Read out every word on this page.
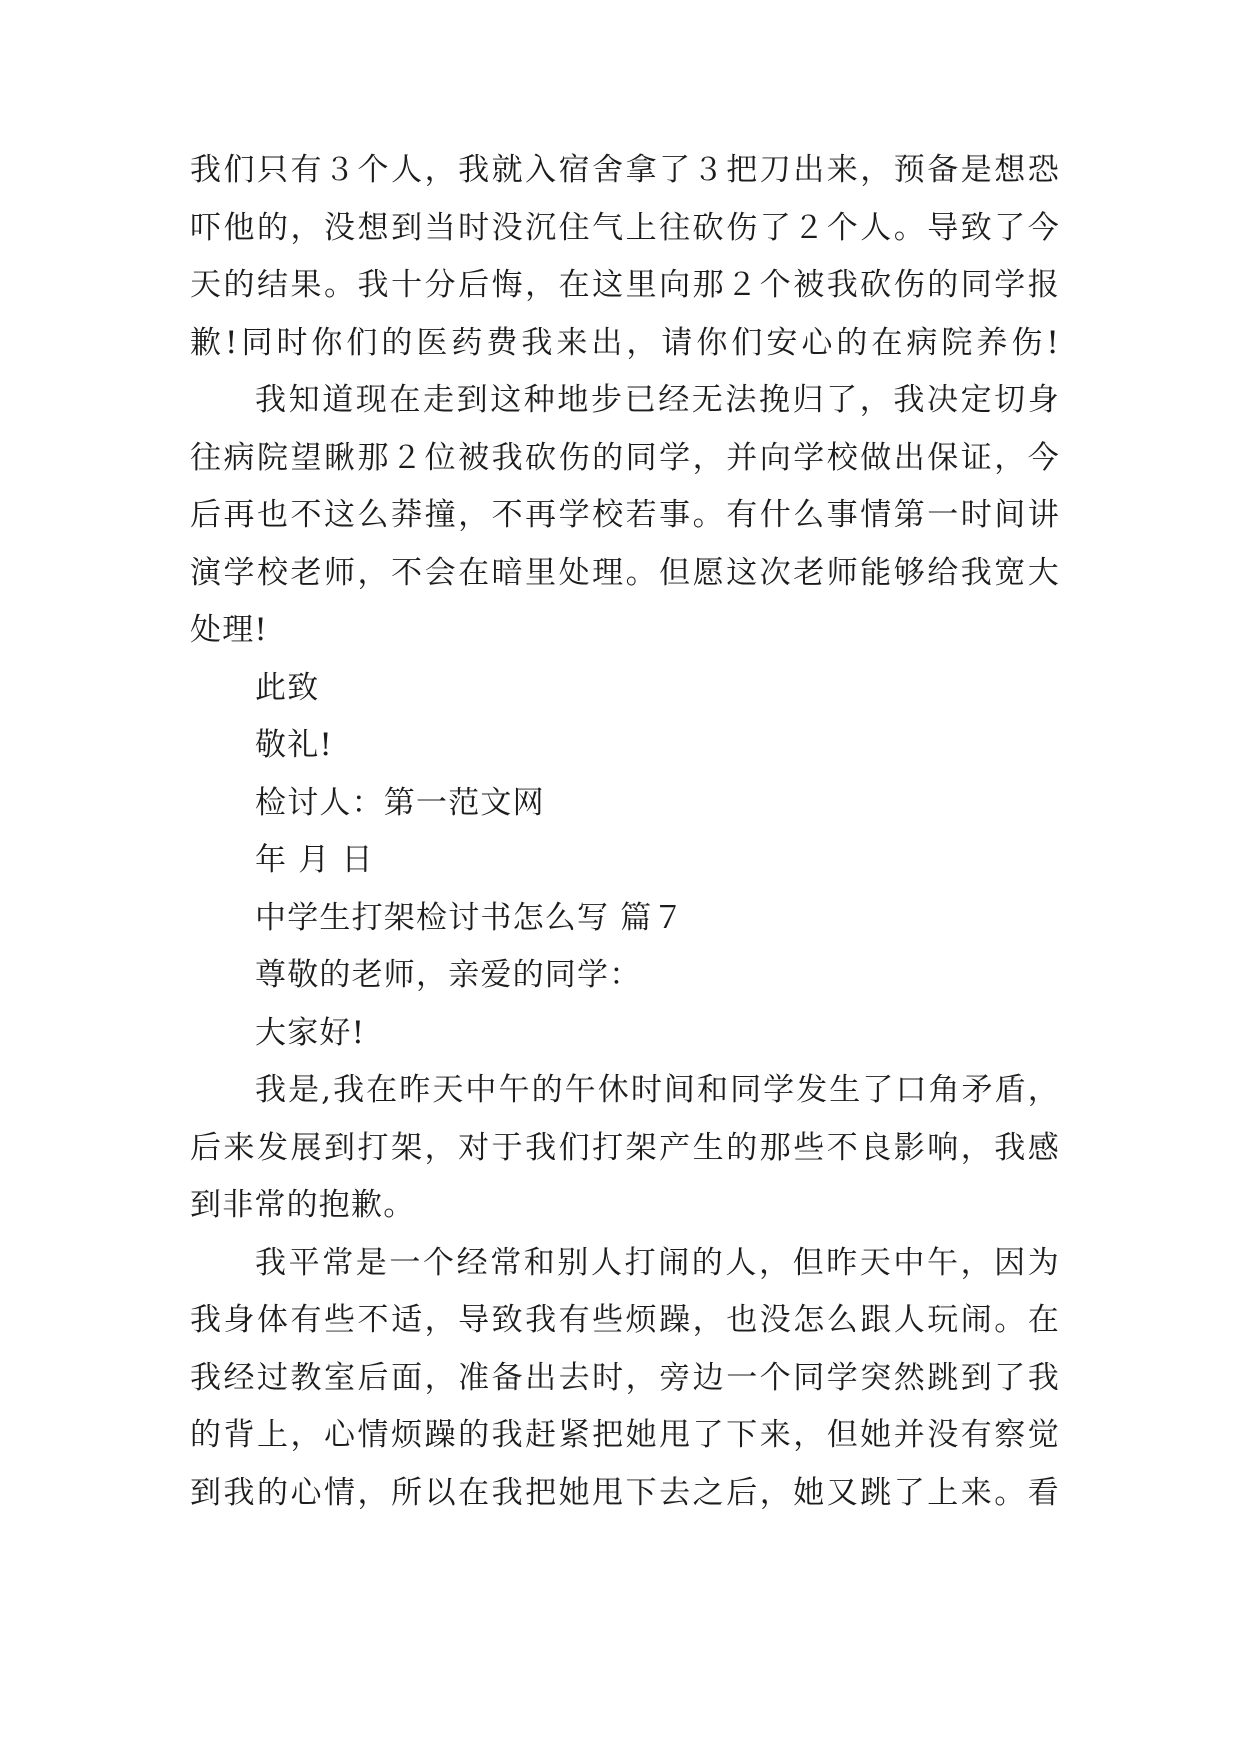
我们只有３个人，我就入宿舍拿了３把刀出来，预备是想恐
吓他的，没想到当时没沉住气上往砍伤了２个人。导致了今
天的结果。我十分后悔，在这里向那２个被我砍伤的同学报
歉!同时你们的医药费我来出，请你们安心的在病院养伤!
我知道现在走到这种地步已经无法挽归了，我决定切身
往病院望瞅那２位被我砍伤的同学，并向学校做出保证，今
后再也不这么莽撞，不再学校若事。有什么事情第一时间讲
演学校老师，不会在暗里处理。但愿这次老师能够给我宽大
处理!
此致
敬礼!
检讨人：第一范文网
年 月 日
中学生打架检讨书怎么写 篇７
尊敬的老师，亲爱的同学：
大家好!
我是,我在昨天中午的午休时间和同学发生了口角矛盾，
后来发展到打架，对于我们打架产生的那些不良影响，我感
到非常的抱歉。
我平常是一个经常和别人打闹的人，但昨天中午，因为
我身体有些不适，导致我有些烦躁，也没怎么跟人玩闹。在
我经过教室后面，准备出去时，旁边一个同学突然跳到了我
的背上，心情烦躁的我赶紧把她甩了下来，但她并没有察觉
到我的心情，所以在我把她甩下去之后，她又跳了上来。看
